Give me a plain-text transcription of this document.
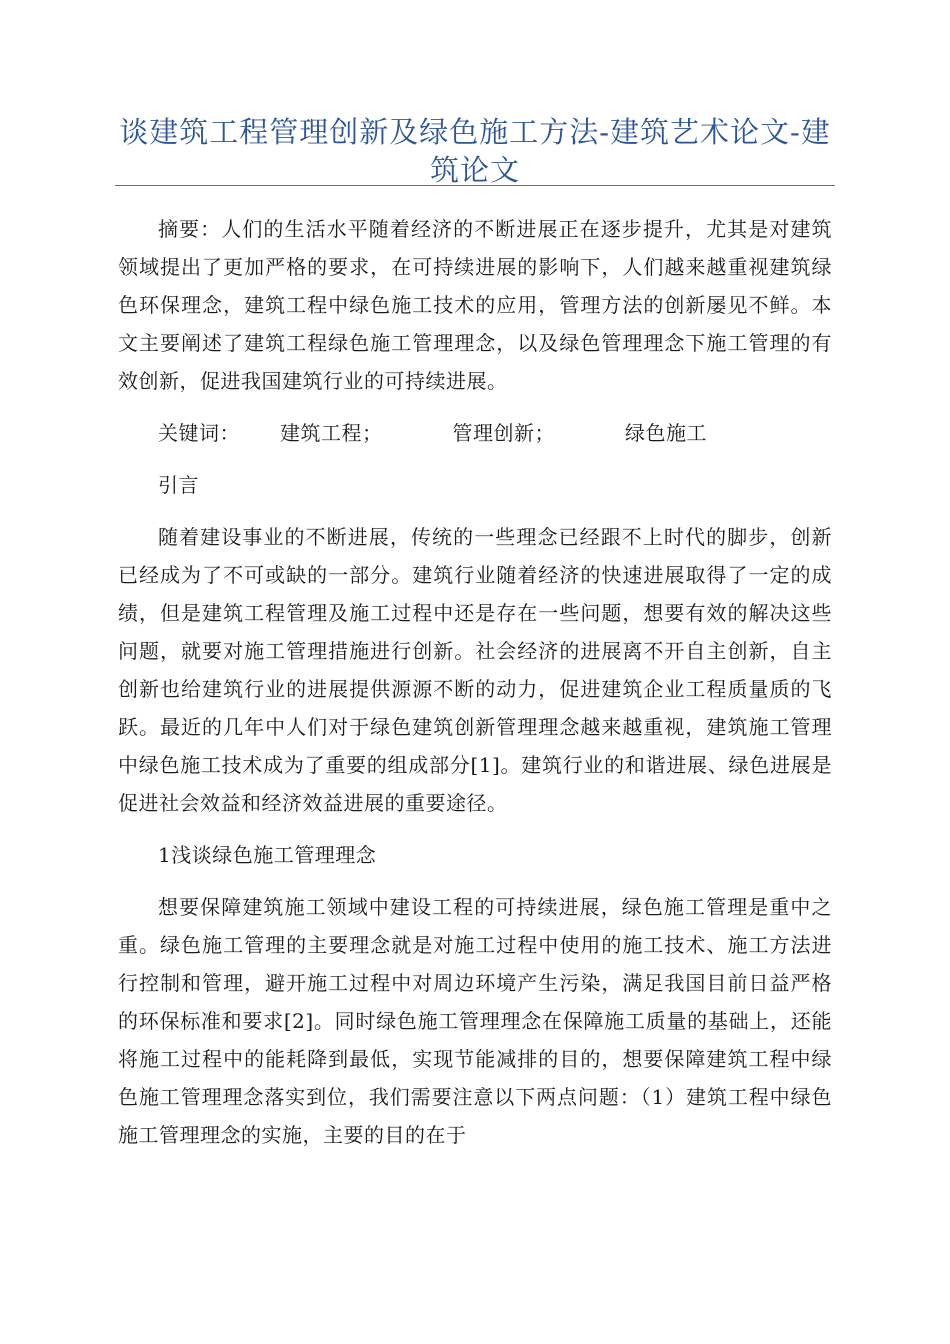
谈建筑工程管理创新及绿色施工方法-建筑艺术论文-建筑论文

摘要：人们的生活水平随着经济的不断进展正在逐步提升，尤其是对建筑领域提出了更加严格的要求，在可持续进展的影响下，人们越来越重视建筑绿色环保理念，建筑工程中绿色施工技术的应用，管理方法的创新屡见不鲜。本文主要阐述了建筑工程绿色施工管理理念，以及绿色管理理念下施工管理的有效创新，促进我国建筑行业的可持续进展。

关键词： 建筑工程；	管理创新；	绿色施工

引言

随着建设事业的不断进展，传统的一些理念已经跟不上时代的脚步，创新已经成为了不可或缺的一部分。建筑行业随着经济的快速进展取得了一定的成绩，但是建筑工程管理及施工过程中还是存在一些问题，想要有效的解决这些问题，就要对施工管理措施进行创新。社会经济的进展离不开自主创新，自主创新也给建筑行业的进展提供源源不断的动力，促进建筑企业工程质量质的飞跃。最近的几年中人们对于绿色建筑创新管理理念越来越重视，建筑施工管理中绿色施工技术成为了重要的组成部分[1]。建筑行业的和谐进展、绿色进展是促进社会效益和经济效益进展的重要途径。

1浅谈绿色施工管理理念

想要保障建筑施工领域中建设工程的可持续进展，绿色施工管理是重中之重。绿色施工管理的主要理念就是对施工过程中使用的施工技术、施工方法进行控制和管理，避开施工过程中对周边环境产生污染，满足我国目前日益严格的环保标准和要求[2]。同时绿色施工管理理念在保障施工质量的基础上，还能将施工过程中的能耗降到最低，实现节能减排的目的，想要保障建筑工程中绿色施工管理理念落实到位，我们需要注意以下两点问题：（1）建筑工程中绿色施工管理理念的实施，主要的目的在于
